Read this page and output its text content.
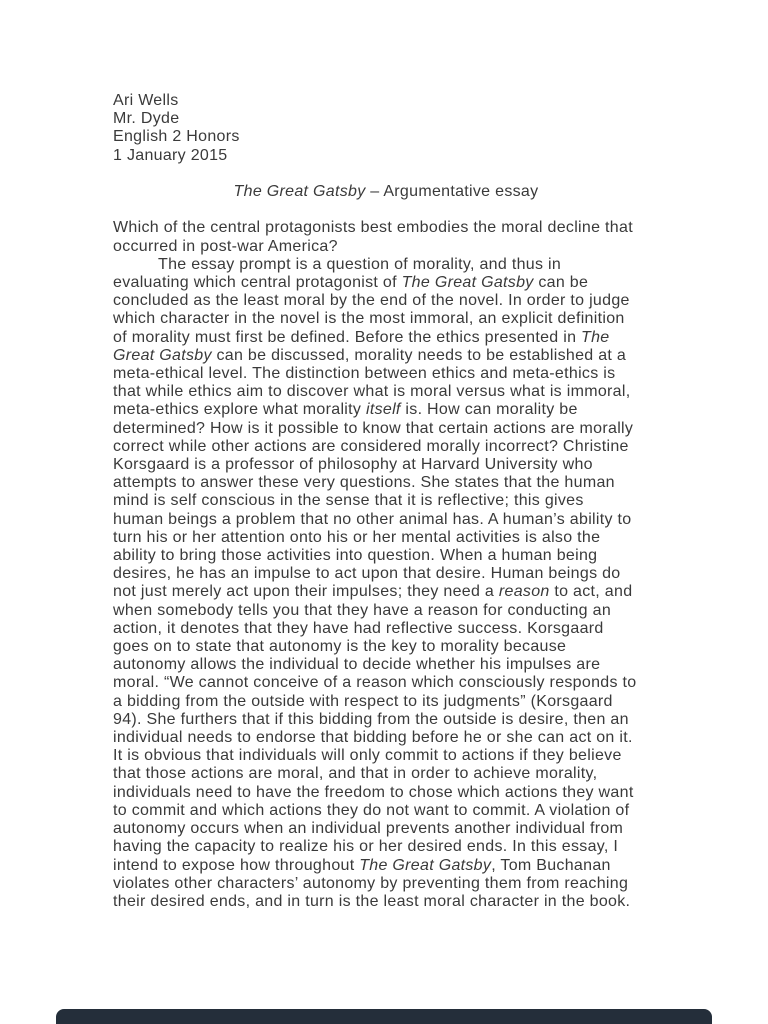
Ari Wells
Mr. Dyde
English 2 Honors
1 January 2015
The Great Gatsby – Argumentative essay
Which of the central protagonists best embodies the moral decline that
occurred in post-war America?
The essay prompt is a question of morality, and thus in
evaluating which central protagonist of The Great Gatsby can be
concluded as the least moral by the end of the novel. In order to judge
which character in the novel is the most immoral, an explicit definition
of morality must first be defined. Before the ethics presented in The
Great Gatsby can be discussed, morality needs to be established at a
meta-ethical level. The distinction between ethics and meta-ethics is
that while ethics aim to discover what is moral versus what is immoral,
meta-ethics explore what morality itself is. How can morality be
determined? How is it possible to know that certain actions are morally
correct while other actions are considered morally incorrect? Christine
Korsgaard is a professor of philosophy at Harvard University who
attempts to answer these very questions. She states that the human
mind is self conscious in the sense that it is reflective; this gives
human beings a problem that no other animal has. A human’s ability to
turn his or her attention onto his or her mental activities is also the
ability to bring those activities into question. When a human being
desires, he has an impulse to act upon that desire. Human beings do
not just merely act upon their impulses; they need a reason to act, and
when somebody tells you that they have a reason for conducting an
action, it denotes that they have had reflective success. Korsgaard
goes on to state that autonomy is the key to morality because
autonomy allows the individual to decide whether his impulses are
moral. “We cannot conceive of a reason which consciously responds to
a bidding from the outside with respect to its judgments” (Korsgaard
94). She furthers that if this bidding from the outside is desire, then an
individual needs to endorse that bidding before he or she can act on it.
It is obvious that individuals will only commit to actions if they believe
that those actions are moral, and that in order to achieve morality,
individuals need to have the freedom to chose which actions they want
to commit and which actions they do not want to commit. A violation of
autonomy occurs when an individual prevents another individual from
having the capacity to realize his or her desired ends. In this essay, I
intend to expose how throughout The Great Gatsby, Tom Buchanan
violates other characters’ autonomy by preventing them from reaching
their desired ends, and in turn is the least moral character in the book.
